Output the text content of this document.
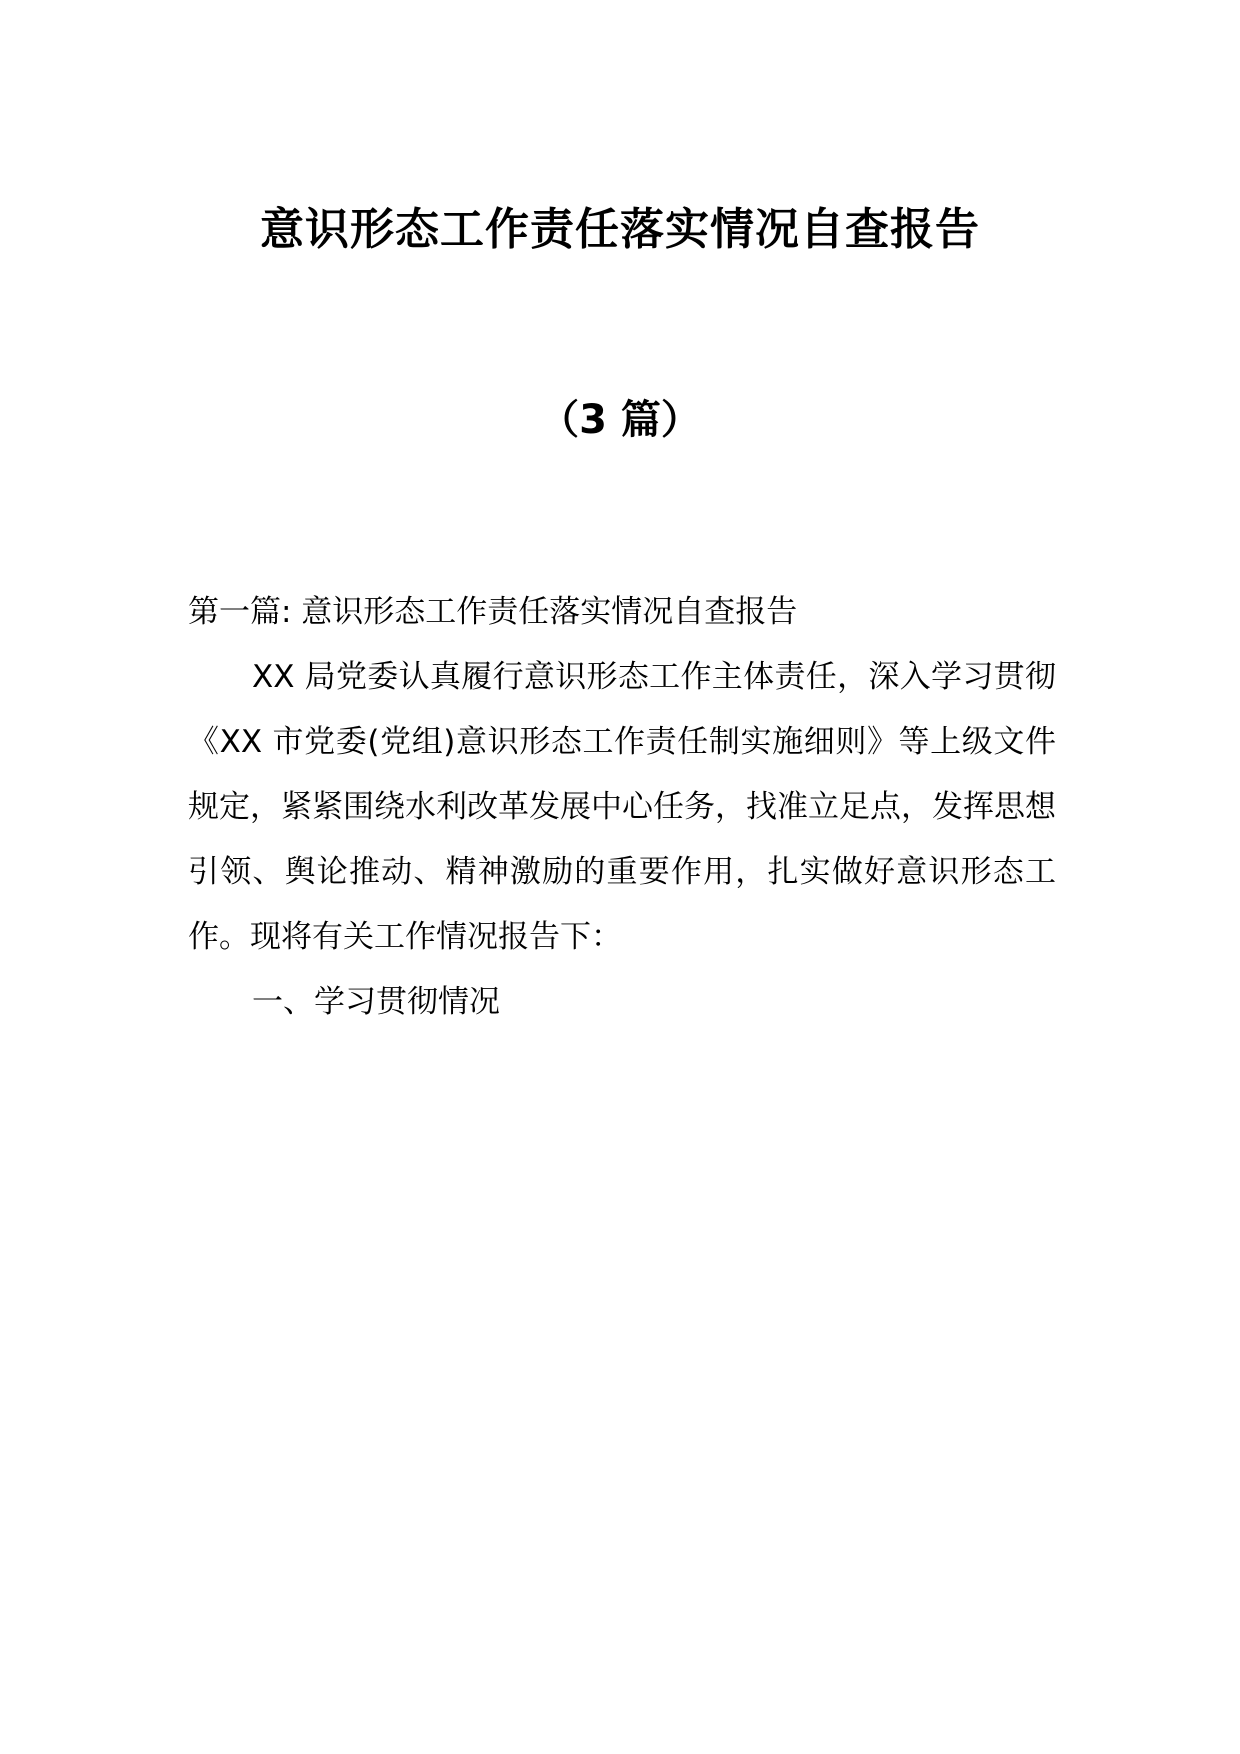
意识形态工作责任落实情况自查报告
（3 篇）

第一篇: 意识形态工作责任落实情况自查报告

XX 局党委认真履行意识形态工作主体责任，深入学习贯彻《XX 市党委(党组)意识形态工作责任制实施细则》等上级文件规定，紧紧围绕水利改革发展中心任务，找准立足点，发挥思想引领、舆论推动、精神激励的重要作用，扎实做好意识形态工作。现将有关工作情况报告下：

一、学习贯彻情况
